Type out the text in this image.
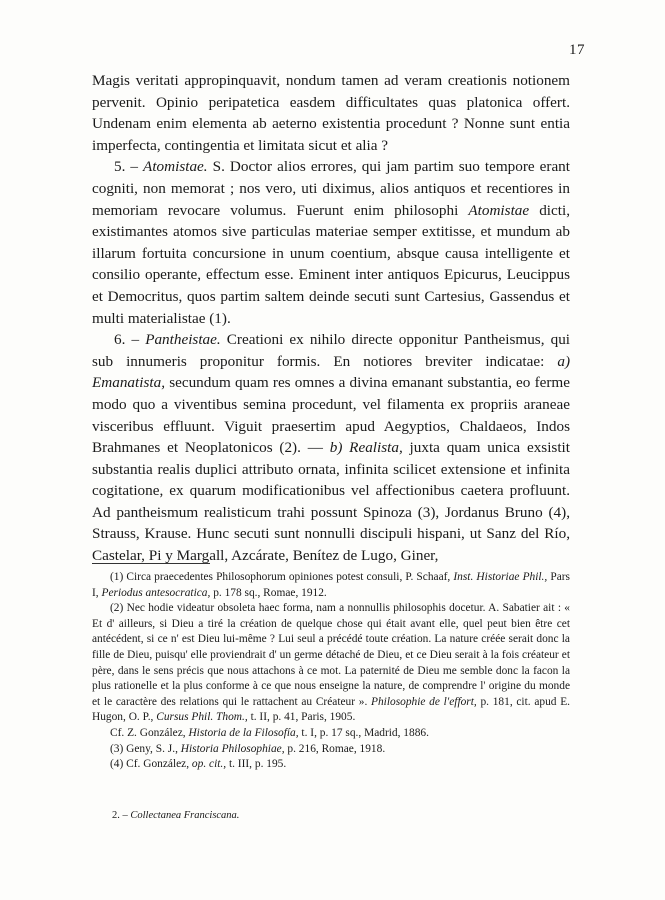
17

Magis veritati appropinquavit, nondum tamen ad veram creationis notionem pervenit. Opinio peripatetica easdem difficultates quas platonica offert. Undenam enim elementa ab aeterno existentia procedunt ? Nonne sunt entia imperfecta, contingentia et limitata sicut et alia ?

5. – Atomistae. S. Doctor alios errores, qui jam partim suo tempore erant cogniti, non memorat ; nos vero, uti diximus, alios antiquos et recentiores in memoriam revocare volumus. Fuerunt enim philosophi Atomistae dicti, existimantes atomos sive particulas materiae semper extitisse, et mundum ab illarum fortuita concursione in unum coentium, absque causa intelligente et consilio operante, effectum esse. Eminent inter antiquos Epicurus, Leucippus et Democritus, quos partim saltem deinde secuti sunt Cartesius, Gassendus et multi materialistae (1).

6. – Pantheistae. Creationi ex nihilo directe opponitur Pantheismus, qui sub innumeris proponitur formis. En notiores breviter indicatae: a) Emanatista, secundum quam res omnes a divina emanant substantia, eo ferme modo quo a viventibus semina procedunt, vel filamenta ex propriis araneae visceribus effluunt. Viguit praesertim apud Aegyptios, Chaldaeos, Indos Brahmanes et Neoplatonicos (2). — b) Realista, juxta quam unica exsistit substantia realis duplici attributo ornata, infinita scilicet extensione et infinita cogitatione, ex quarum modificationibus vel affectionibus caetera profluunt. Ad pantheismum realisticum trahi possunt Spinoza (3), Jordanus Bruno (4), Strauss, Krause. Hunc secuti sunt nonnulli discipuli hispani, ut Sanz del Río, Castelar, Pi y Margall, Azcárate, Benítez de Lugo, Giner,

(1) Circa praecedentes Philosophorum opiniones potest consuli, P. Schaaf, Inst. Historiae Phil., Pars I, Periodus antesocratica, p. 178 sq., Romae, 1912.

(2) Nec hodie videatur obsoleta haec forma, nam a nonnullis philosophis docetur. A. Sabatier ait : « Et d' ailleurs, si Dieu a tiré la création de quelque chose qui était avant elle, quel peut bien être cet antécédent, si ce n' est Dieu lui-même ? Lui seul a précédé toute création. La nature créée serait donc la fille de Dieu, puisqu' elle proviendrait d' un germe détaché de Dieu, et ce Dieu serait à la fois créateur et père, dans le sens précis que nous attachons à ce mot. La paternité de Dieu me semble donc la facon la plus rationelle et la plus conforme à ce que nous enseigne la nature, de comprendre l' origine du monde et le caractère des relations qui le rattachent au Créateur ». Philosophie de l'effort, p. 181, cit. apud E. Hugon, O. P., Cursus Phil. Thom., t. II, p. 41, Paris, 1905.

Cf. Z. González, Historia de la Filosofía, t. I, p. 17 sq., Madrid, 1886.

(3) Geny, S. J., Historia Philosophiae, p. 216, Romae, 1918.

(4) Cf. González, op. cit., t. III, p. 195.

2. – Collectanea Franciscana.
